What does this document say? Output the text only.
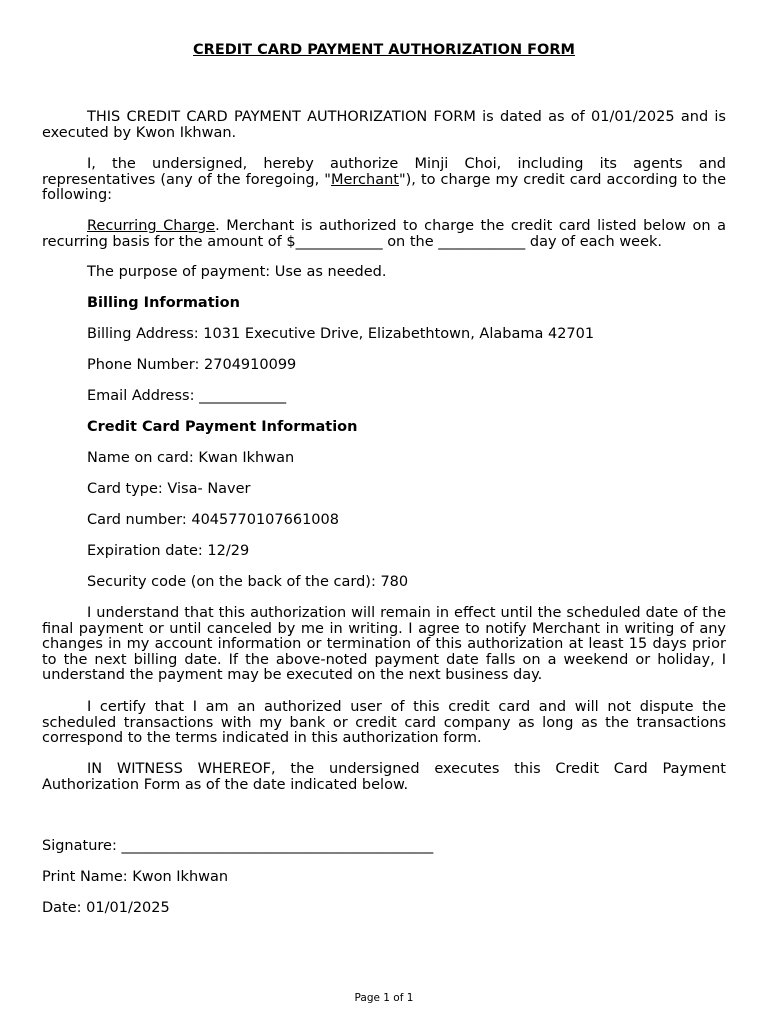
CREDIT CARD PAYMENT AUTHORIZATION FORM

THIS CREDIT CARD PAYMENT AUTHORIZATION FORM is dated as of 01/01/2025 and is executed by Kwon Ikhwan.

I, the undersigned, hereby authorize Minji Choi, including its agents and representatives (any of the foregoing, "Merchant"), to charge my credit card according to the following:

Recurring Charge. Merchant is authorized to charge the credit card listed below on a recurring basis for the amount of $____________ on the ____________ day of each week.

The purpose of payment: Use as needed.

Billing Information

Billing Address: 1031 Executive Drive, Elizabethtown, Alabama 42701

Phone Number: 2704910099

Email Address: ____________

Credit Card Payment Information

Name on card: Kwan Ikhwan

Card type: Visa- Naver

Card number: 4045770107661008

Expiration date: 12/29

Security code (on the back of the card): 780

I understand that this authorization will remain in effect until the scheduled date of the final payment or until canceled by me in writing. I agree to notify Merchant in writing of any changes in my account information or termination of this authorization at least 15 days prior to the next billing date. If the above-noted payment date falls on a weekend or holiday, I understand the payment may be executed on the next business day.

I certify that I am an authorized user of this credit card and will not dispute the scheduled transactions with my bank or credit card company as long as the transactions correspond to the terms indicated in this authorization form.

IN WITNESS WHEREOF, the undersigned executes this Credit Card Payment Authorization Form as of the date indicated below.

Signature: ___________________________________________

Print Name: Kwon Ikhwan

Date: 01/01/2025

Page 1 of 1
